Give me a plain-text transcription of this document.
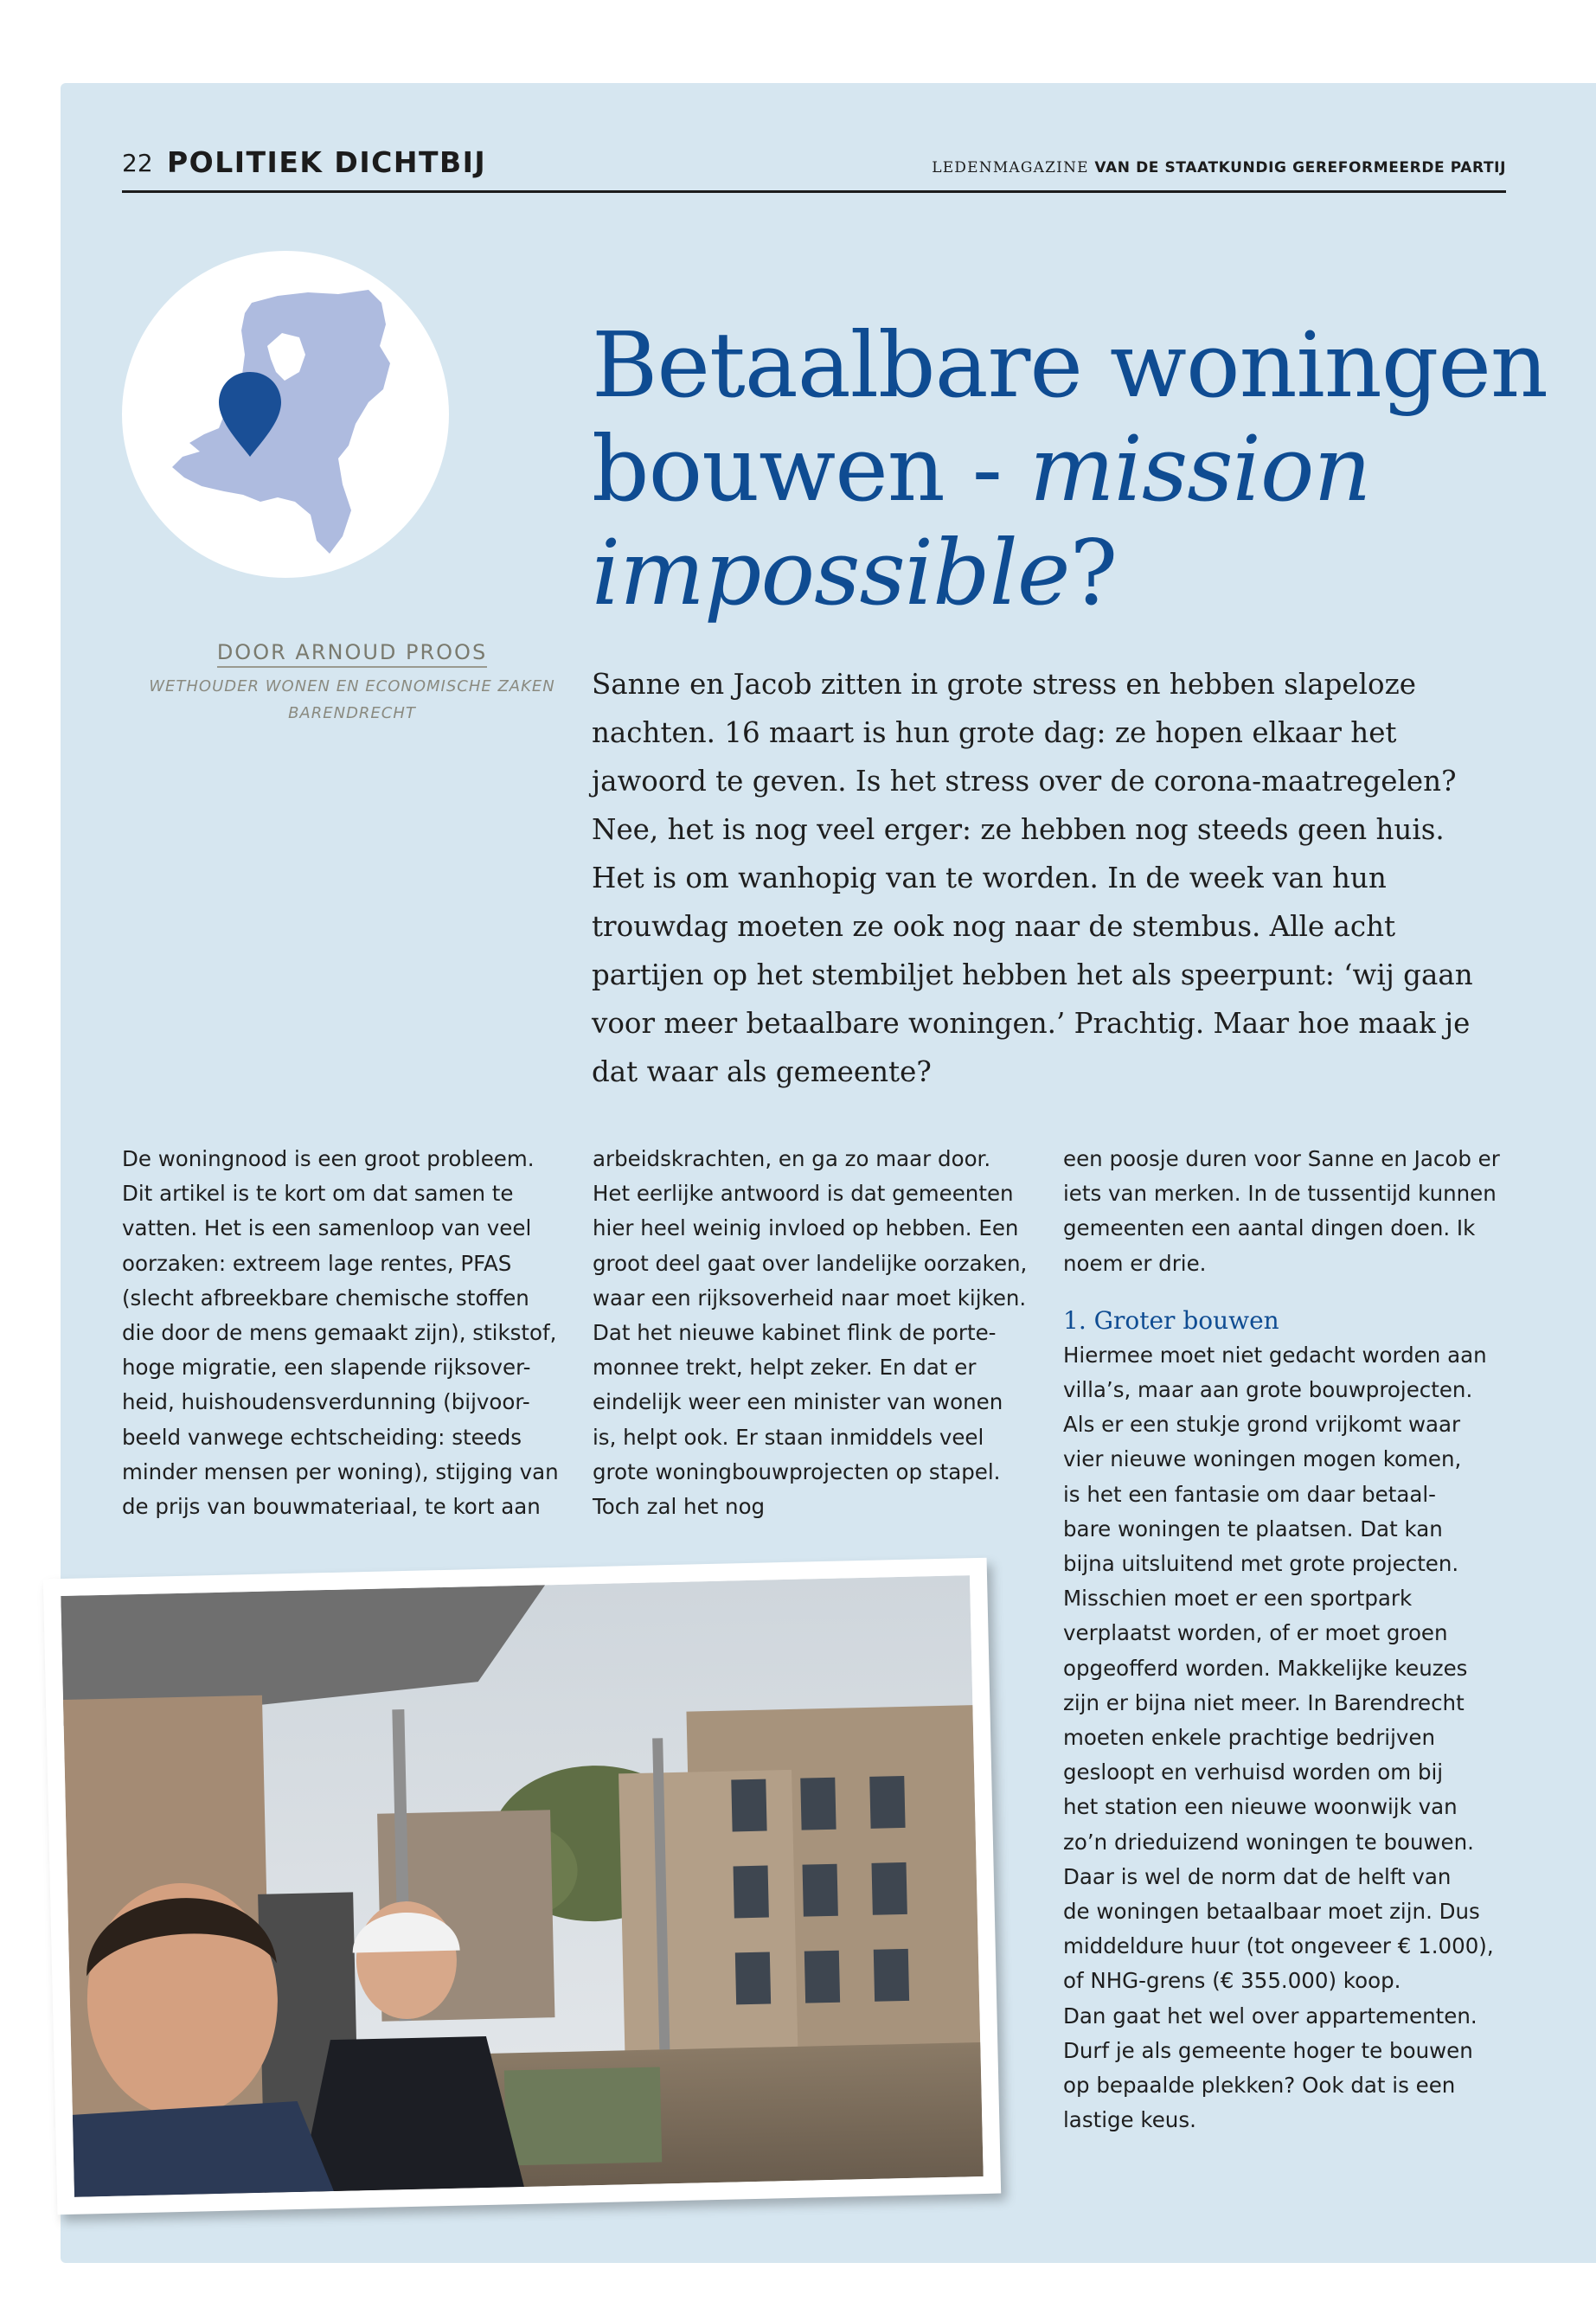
22 POLITIEK DICHTBIJ	LEDENMAGAZINE VAN DE STAATKUNDIG GEREFORMEERDE PARTIJ
DOOR ARNOUD PROOS
WETHOUDER WONEN EN ECONOMISCHE ZAKEN
BARENDRECHT
Betaalbare woningen
bouwen - mission
impossible?
Sanne en Jacob zitten in grote stress en hebben slapeloze
nachten. 16 maart is hun grote dag: ze hopen elkaar het
jawoord te geven. Is het stress over de corona-maatregelen?
Nee, het is nog veel erger: ze hebben nog steeds geen huis.
Het is om wanhopig van te worden. In de week van hun
trouwdag moeten ze ook nog naar de stembus. Alle acht
partijen op het stembiljet hebben het als speerpunt: ‘wij gaan
voor meer betaalbare woningen.’ Prachtig. Maar hoe maak je
dat waar als gemeente?
De woningnood is een groot probleem.
Dit artikel is te kort om dat samen te
vatten. Het is een samenloop van veel
oorzaken: extreem lage rentes, PFAS
(slecht afbreekbare chemische stoffen
die door de mens gemaakt zijn), stikstof,
hoge migratie, een slapende rijksover-
heid, huishoudensverdunning (bijvoor-
beeld vanwege echtscheiding: steeds
minder mensen per woning), stijging van
de prijs van bouwmateriaal, te kort aan
arbeidskrachten, en ga zo maar door.
Het eerlijke antwoord is dat gemeenten
hier heel weinig invloed op hebben. Een
groot deel gaat over landelijke oorzaken,
waar een rijksoverheid naar moet kijken.
Dat het nieuwe kabinet flink de porte-
monnee trekt, helpt zeker. En dat er
eindelijk weer een minister van wonen
is, helpt ook. Er staan inmiddels veel
grote woningbouwprojecten op stapel.
Toch zal het nog
een poosje duren voor Sanne en Jacob er
iets van merken. In de tussentijd kunnen
gemeenten een aantal dingen doen. Ik
noem er drie.
1. Groter bouwen
Hiermee moet niet gedacht worden aan
villa’s, maar aan grote bouwprojecten.
Als er een stukje grond vrijkomt waar
vier nieuwe woningen mogen komen,
is het een fantasie om daar betaal-
bare woningen te plaatsen. Dat kan
bijna uitsluitend met grote projecten.
Misschien moet er een sportpark
verplaatst worden, of er moet groen
opgeofferd worden. Makkelijke keuzes
zijn er bijna niet meer. In Barendrecht
moeten enkele prachtige bedrijven
gesloopt en verhuisd worden om bij
het station een nieuwe woonwijk van
zo’n drieduizend woningen te bouwen.
Daar is wel de norm dat de helft van
de woningen betaalbaar moet zijn. Dus
middeldure huur (tot ongeveer € 1.000),
of NHG-grens (€ 355.000) koop.
Dan gaat het wel over appartementen.
Durf je als gemeente hoger te bouwen
op bepaalde plekken? Ook dat is een
lastige keus.
